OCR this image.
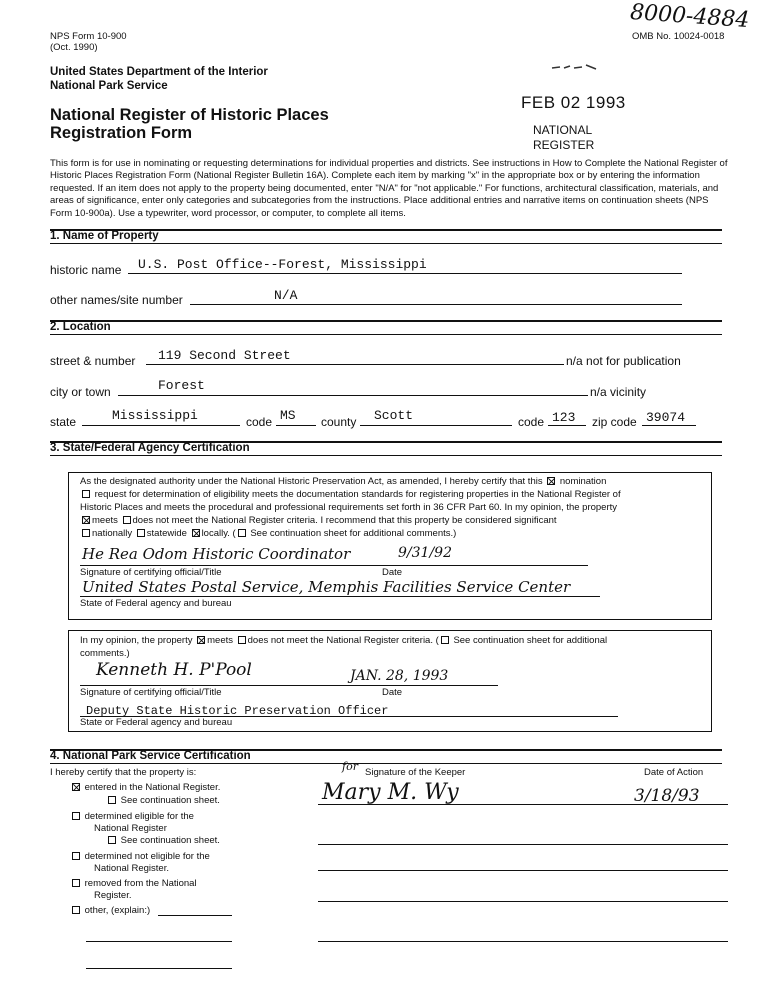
NPS Form 10-900
(Oct. 1990)
8000-4884
OMB No. 10024-0018
United States Department of the Interior
National Park Service
National Register of Historic Places
Registration Form
FEB 02 1993
NATIONAL
REGISTER
This form is for use in nominating or requesting determinations for individual properties and districts. See instructions in How to Complete the National Register of Historic Places Registration Form (National Register Bulletin 16A). Complete each item by marking "x" in the appropriate box or by entering the information requested. If an item does not apply to the property being documented, enter "N/A" for "not applicable." For functions, architectural classification, materials, and areas of significance, enter only categories and subcategories from the instructions. Place additional entries and narrative items on continuation sheets (NPS Form 10-900a). Use a typewriter, word processor, or computer, to complete all items.
1. Name of Property
historic name U.S. Post Office--Forest, Mississippi
other names/site number	N/A
2. Location
street & number 119 Second Street	n/a not for publication
city or town	Forest	n/a vicinity
state	Mississippi	code MS county Scott	code 123 zip code 39074
3. State/Federal Agency Certification
As the designated authority under the National Historic Preservation Act, as amended, I hereby certify that this nomination
request for determination of eligibility meets the documentation standards for registering properties in the National Register of
Historic Places and meets the procedural and professional requirements set forth in 36 CFR Part 60. In my opinion, the property
meets does not meet the National Register criteria. I recommend that this property be considered significant
nationally statewide locally. ( See continuation sheet for additional comments.)
He Rea Odom Historic Coordinator	9/31/92
Signature of certifying official/Title	Date
United States Postal Service, Memphis Facilities Service Center
State of Federal agency and bureau
In my opinion, the property meets does not meet the National Register criteria. ( See continuation sheet for additional
comments.)
Kenneth H. P'Pool	JAN. 28, 1993
Signature of certifying official/Title	Date
Deputy State Historic Preservation Officer
State or Federal agency and bureau
4. National Park Service Certification
I hereby certify that the property is:	for Signature of the Keeper	Date of Action
entered in the National Register.
See continuation sheet.
determined eligible for the
National Register
See continuation sheet.
determined not eligible for the
National Register.
removed from the National
Register.
other, (explain:)
Mary M. Wy	3/18/93
